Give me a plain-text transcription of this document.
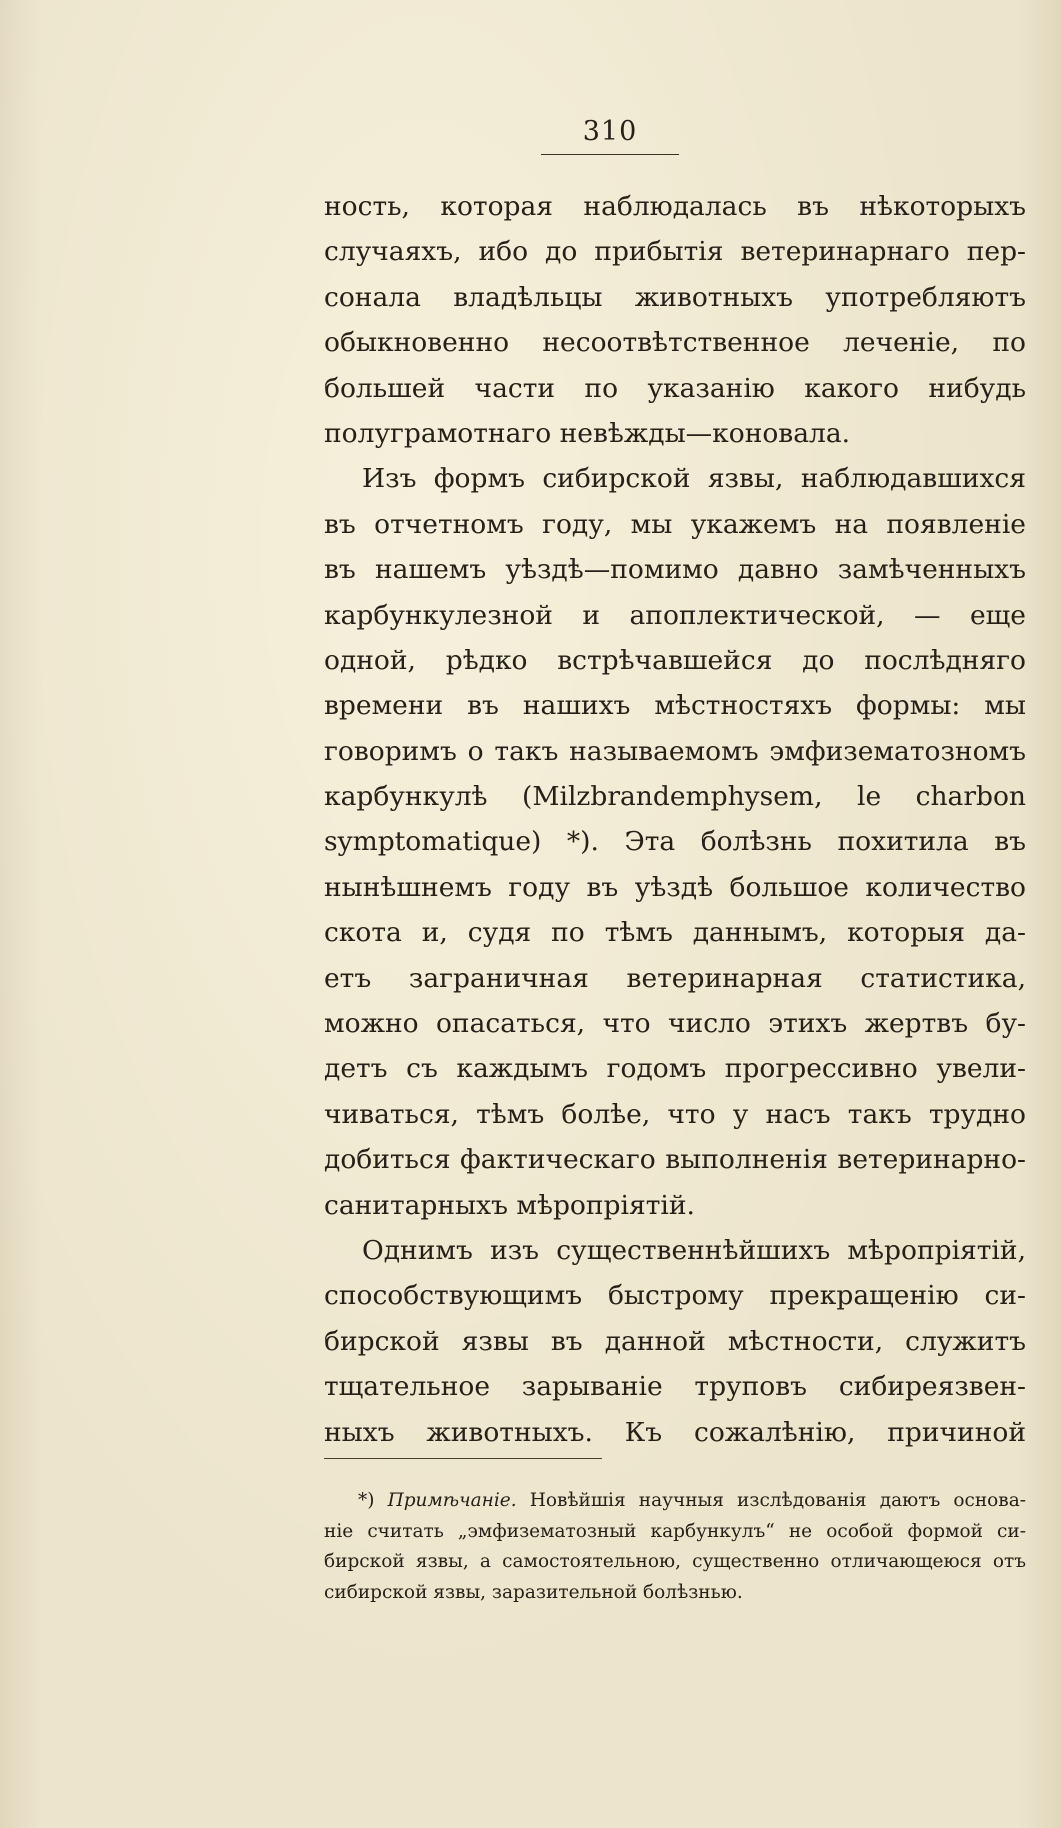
310
ность, которая наблюдалась въ нѣкоторыхъ
случаяхъ, ибо до прибытія ветеринарнаго пер-
сонала владѣльцы животныхъ употребляютъ
обыкновенно несоотвѣтственное леченіе, по
большей части по указанію какого нибудь
полуграмотнаго невѣжды—коновала.
Изъ формъ сибирской язвы, наблюдавшихся
въ отчетномъ году, мы укажемъ на появленіе
въ нашемъ уѣздѣ—помимо давно замѣченныхъ
карбункулезной и апоплектической, — еще
одной, рѣдко встрѣчавшейся до послѣдняго
времени въ нашихъ мѣстностяхъ формы: мы
говоримъ о такъ называемомъ эмфизематозномъ
карбункулѣ (Milzbrandemphysem, le charbon
symptomatique) *). Эта болѣзнь похитила въ
нынѣшнемъ году въ уѣздѣ большое количество
скота и, судя по тѣмъ даннымъ, которыя да-
етъ заграничная ветеринарная статистика,
можно опасаться, что число этихъ жертвъ бу-
детъ съ каждымъ годомъ прогрессивно увели-
чиваться, тѣмъ болѣе, что у насъ такъ трудно
добиться фактическаго выполненія ветеринарно-
санитарныхъ мѣропріятій.
Однимъ изъ существеннѣйшихъ мѣропріятій,
способствующимъ быстрому прекращенію си-
бирской язвы въ данной мѣстности, служитъ
тщательное зарываніе труповъ сибиреязвен-
ныхъ животныхъ. Къ сожалѣнію, причиной
*) Примѣчаніе. Новѣйшія научныя изслѣдованія даютъ основа-
ніе считать „эмфизематозный карбункулъ“ не особой формой си-
бирской язвы, а самостоятельною, существенно отличающеюся отъ
сибирской язвы, заразительной болѣзнью.
